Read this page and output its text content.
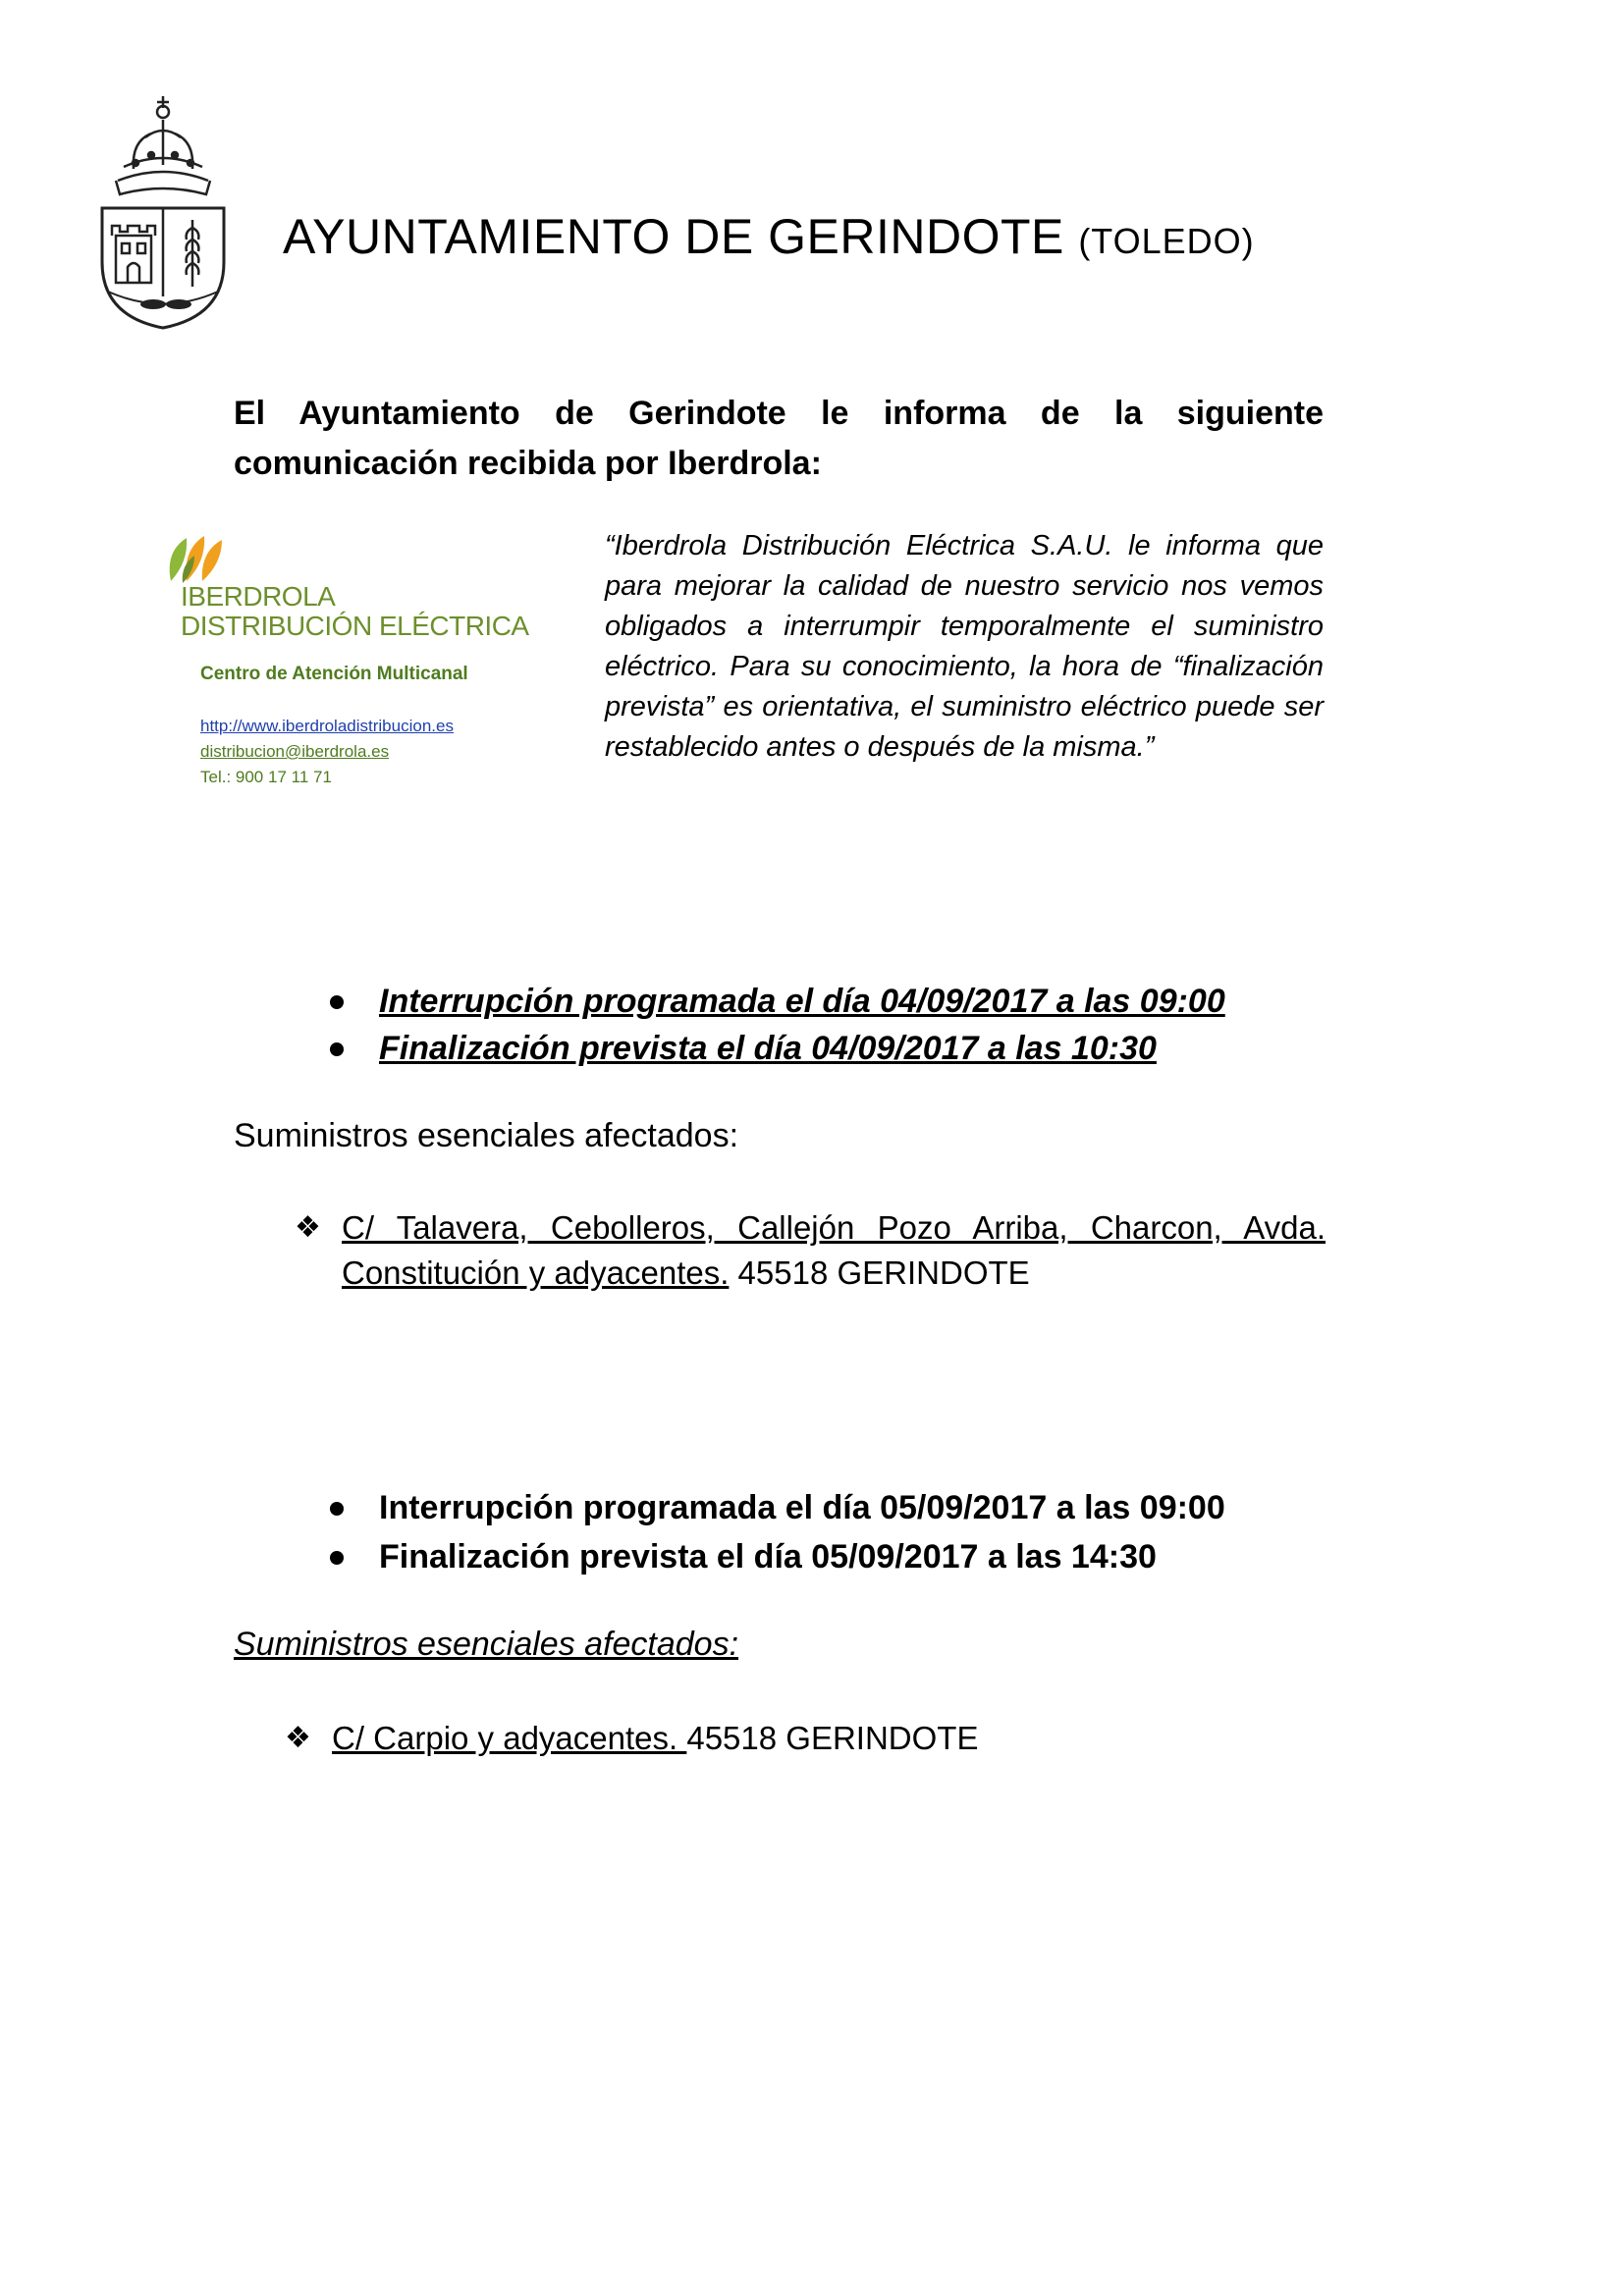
AYUNTAMIENTO DE GERINDOTE (TOLEDO)
El Ayuntamiento de Gerindote le informa de la siguiente
comunicación recibida por Iberdrola:
IBERDROLA
DISTRIBUCIÓN ELÉCTRICA
Centro de Atención Multicanal
http://www.iberdroladistribucion.es
distribucion@iberdrola.es
Tel.: 900 17 11 71
“Iberdrola Distribución Eléctrica S.A.U. le informa que para mejorar la calidad de nuestro servicio nos vemos obligados a interrumpir temporalmente el suministro eléctrico. Para su conocimiento, la hora de “finalización prevista” es orientativa, el suministro eléctrico puede ser restablecido antes o después de la misma.”
Interrupción programada el día 04/09/2017 a las 09:00
Finalización prevista el día 04/09/2017 a las 10:30
Suministros esenciales afectados:
❖ C/ Talavera, Cebolleros, Callejón Pozo Arriba, Charcon, Avda.
Constitución y adyacentes. 45518 GERINDOTE
Interrupción programada el día 05/09/2017 a las 09:00
Finalización prevista el día 05/09/2017 a las 14:30
Suministros esenciales afectados:
❖ C/ Carpio y adyacentes. 45518 GERINDOTE
